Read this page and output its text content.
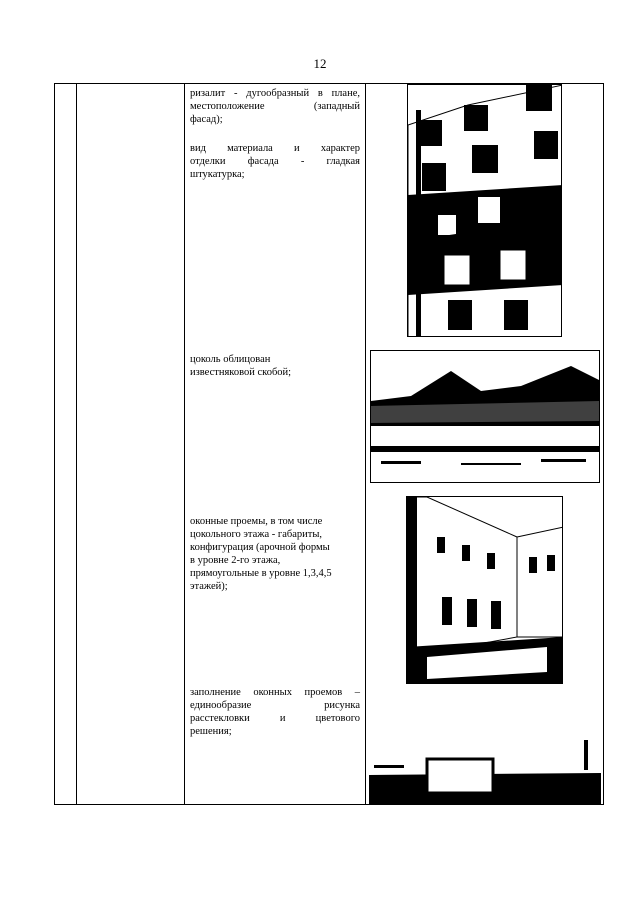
12
ризалит - дугообразный в плане,
местоположение (западный
фасад);
вид материала и характер
отделки фасада - гладкая
штукатурка;
цоколь облицован
известняковой скобой;
оконные проемы, в том числе
цокольного этажа - габариты,
конфигурация (арочной формы
в уровне 2-го этажа,
прямоугольные в уровне 1,3,4,5
этажей);
заполнение оконных проемов –
единообразие рисунка
расстекловки и цветового
решения;
